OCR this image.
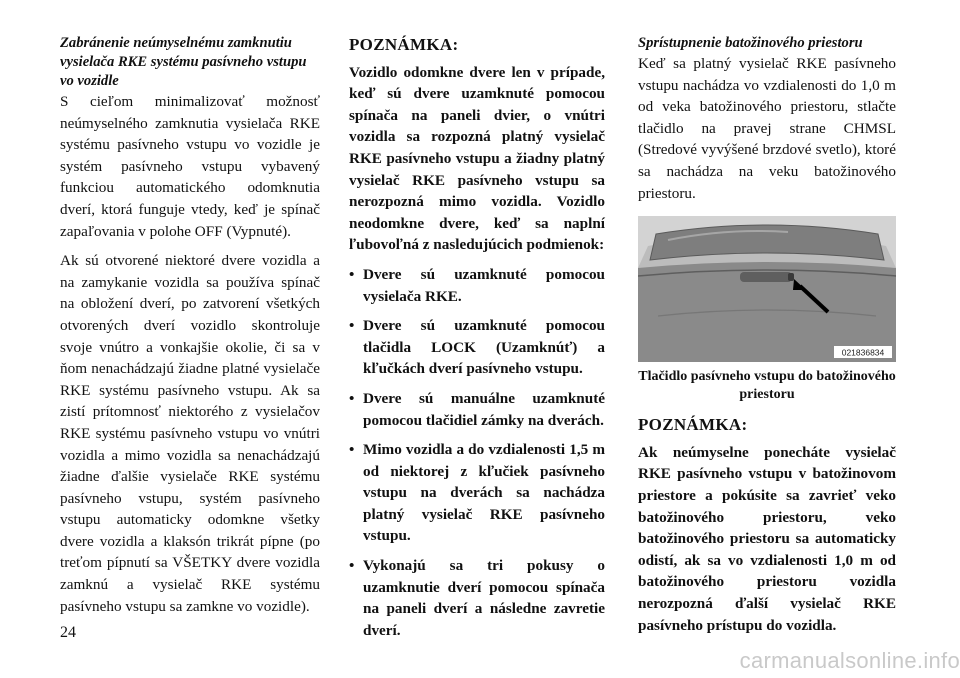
Zabránenie neúmyselnému zamknutiu vysielača RKE systému pasívneho vstupu vo vozidle

S cieľom minimalizovať možnosť neúmyselného zamknutia vysielača RKE systému pasívneho vstupu vo vozidle je systém pasívneho vstupu vybavený funkciou automatického odomknutia dverí, ktorá funguje vtedy, keď je spínač zapaľovania v polohe OFF (Vypnuté).

Ak sú otvorené niektoré dvere vozidla a na zamykanie vozidla sa používa spínač na obložení dverí, po zatvorení všetkých otvorených dverí vozidlo skontroluje svoje vnútro a vonkajšie okolie, či sa v ňom nenachádzajú žiadne platné vysielače RKE systému pasívneho vstupu. Ak sa zistí prítomnosť niektorého z vysielačov RKE systému pasívneho vstupu vo vnútri vozidla a mimo vozidla sa nenachádzajú žiadne ďalšie vysielače RKE systému pasívneho vstupu, systém pasívneho vstupu automaticky odomkne všetky dvere vozidla a klaksón trikrát pípne (po treťom pípnutí sa VŠETKY dvere vozidla zamknú a vysielač RKE systému pasívneho vstupu sa zamkne vo vozidle).

POZNÁMKA:

Vozidlo odomkne dvere len v prípade, keď sú dvere uzamknuté pomocou spínača na paneli dvier, o vnútri vozidla sa rozpozná platný vysielač RKE pasívneho vstupu a žiadny platný vysielač RKE pasívneho vstupu sa nerozpozná mimo vozidla. Vozidlo neodomkne dvere, keď sa naplní ľubovoľná z nasledujúcich podmienok:

• Dvere sú uzamknuté pomocou vysielača RKE.
• Dvere sú uzamknuté pomocou tlačidla LOCK (Uzamknúť) a kľučkách dverí pasívneho vstupu.
• Dvere sú manuálne uzamknuté pomocou tlačidiel zámky na dverách.
• Mimo vozidla a do vzdialenosti 1,5 m od niektorej z kľučiek pasívneho vstupu na dverách sa nachádza platný vysielač RKE pasívneho vstupu.
• Vykonajú sa tri pokusy o uzamknutie dverí pomocou spínača na paneli dverí a následne zavretie dverí.

Sprístupnenie batožinového priestoru

Keď sa platný vysielač RKE pasívneho vstupu nachádza vo vzdialenosti do 1,0 m od veka batožinového priestoru, stlačte tlačidlo na pravej strane CHMSL (Stredové vyvýšené brzdové svetlo), ktoré sa nachádza na veku batožinového priestoru.

021836834

Tlačidlo pasívneho vstupu do batožinového priestoru

POZNÁMKA:

Ak neúmyselne ponecháte vysielač RKE pasívneho vstupu v batožinovom priestore a pokúsite sa zavrieť veko batožinového priestoru, veko batožinového priestoru sa automaticky odistí, ak sa vo vzdialenosti 1,0 m od batožinového priestoru vozidla nerozpozná ďalší vysielač RKE pasívneho prístupu do vozidla.

24
carmanualsonline.info
